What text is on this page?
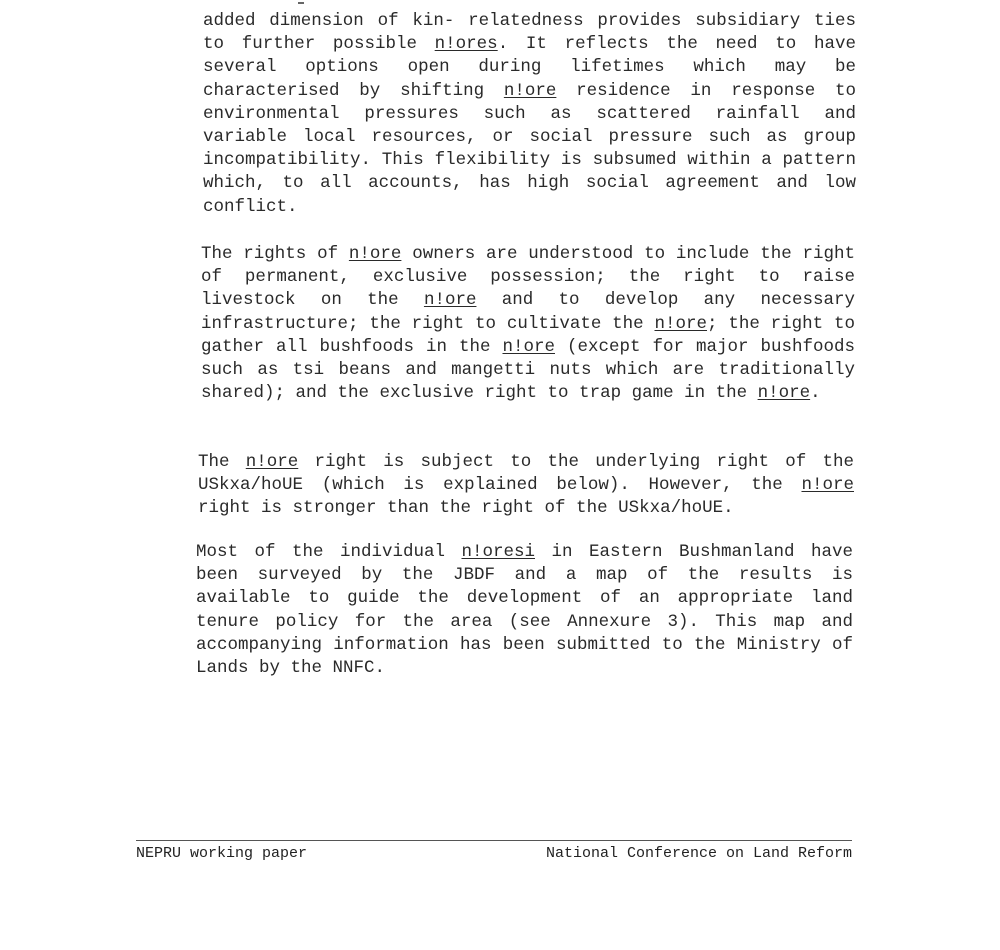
added dimension of kin- relatedness provides subsidiary ties to further possible n!ores. It reflects the need to have several options open during lifetimes which may be characterised by shifting n!ore residence in response to environmental pressures such as scattered rainfall and variable local resources, or social pressure such as group incompatibility. This flexibility is subsumed within a pattern which, to all accounts, has high social agreement and low conflict.

The rights of n!ore owners are understood to include the right of permanent, exclusive possession; the right to raise livestock on the n!ore and to develop any necessary infrastructure; the right to cultivate the n!ore; the right to gather all bushfoods in the n!ore (except for major bushfoods such as tsi beans and mangetti nuts which are traditionally shared); and the exclusive right to trap game in the n!ore.

The n!ore right is subject to the underlying right of the USkxa/hoUE (which is explained below). However, the n!ore right is stronger than the right of the USkxa/hoUE.

Most of the individual n!oresi in Eastern Bushmanland have been surveyed by the JBDF and a map of the results is available to guide the development of an appropriate land tenure policy for the area (see Annexure 3). This map and accompanying information has been submitted to the Ministry of Lands by the NNFC.

NEPRU working paper	National Conference on Land Reform
